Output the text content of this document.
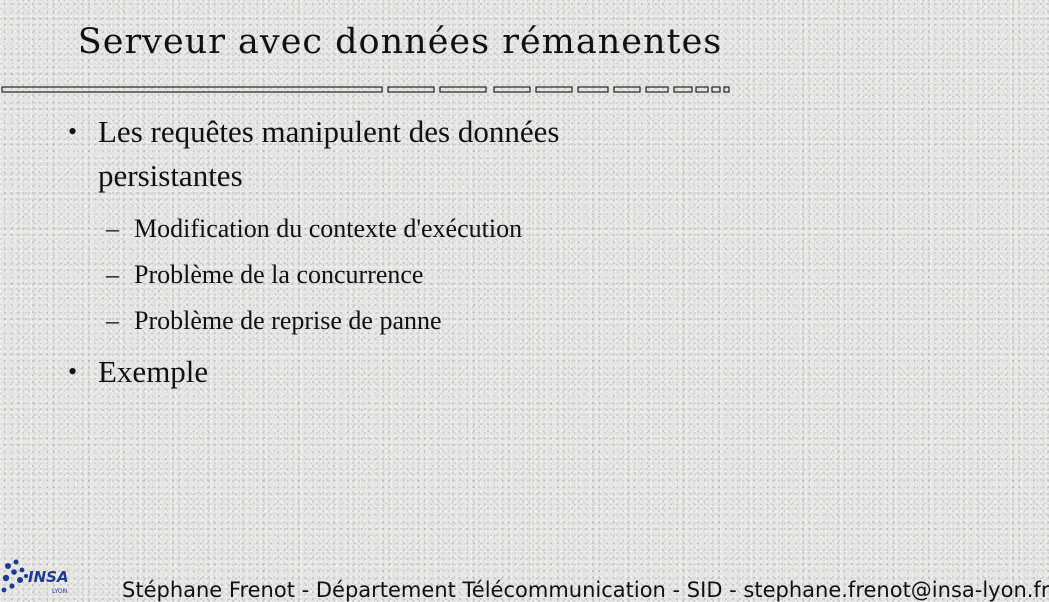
Serveur avec données rémanentes
• Les requêtes manipulent des données persistantes
– Modification du contexte d'exécution
– Problème de la concurrence
– Problème de reprise de panne
• Exemple
INSA
LYON	Stéphane Frenot - Département Télécommunication - SID - stephane.frenot@insa-lyon.fr
